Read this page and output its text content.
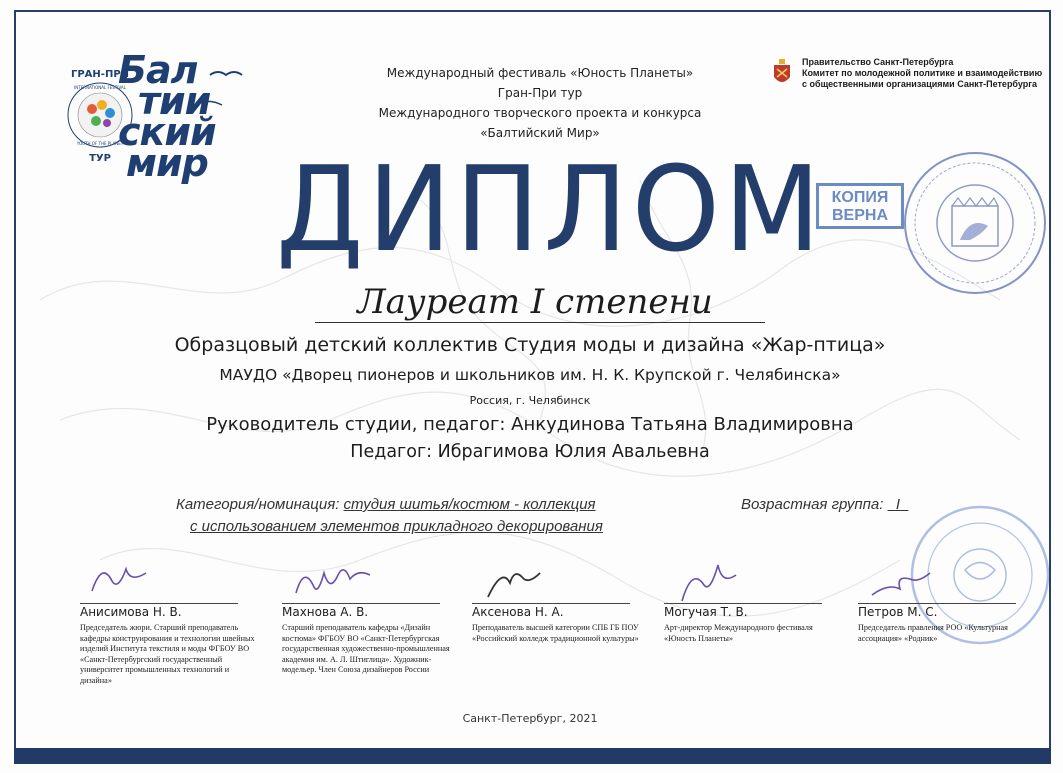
ГРАН-ПРИ
ТУР
INTERNATIONAL FESTIVAL
YOUTH OF THE PLANET
Бал
тии
ский
мир
Международный фестиваль «Юность Планеты»
Гран-При тур
Международного творческого проекта и конкурса
«Балтийский Мир»
Правительство Санкт-Петербурга
Комитет по молодежной политике и взаимодействию
с общественными организациями Санкт-Петербурга
КОПИЯ
ВЕРНА
ДИПЛОМ
Лауреат I степени
Образцовый детский коллектив Студия моды и дизайна «Жар-птица»
МАУДО «Дворец пионеров и школьников им. Н. К. Крупской г. Челябинска»
Россия, г. Челябинск
Руководитель студии, педагог: Анкудинова Татьяна Владимировна
Педагог: Ибрагимова Юлия Авальевна
Категория/номинация: студия шитья/костюм - коллекция
с использованием элементов прикладного декорирования
Возрастная группа: I
Анисимова Н. В.
Председатель жюри. Старший преподаватель кафедры конструирования и технологии швейных изделий Института текстиля и моды ФГБОУ ВО «Санкт-Петербургский государственный университет промышленных технологий и дизайна»
Махнова А. В.
Старший преподаватель кафедры «Дизайн костюма» ФГБОУ ВО «Санкт-Петербургская государственная художественно-промышленная академия им. А. Л. Штиглица». Художник-модельер. Член Союза дизайнеров России
Аксенова Н. А.
Преподаватель высшей категории СПБ ГБ ПОУ «Российский колледж традиционной культуры»
Могучая Т. В.
Арт-директор Международного фестиваля «Юность Планеты»
Петров М. С.
Председатель правления РОО «Культурная ассоциация» «Родник»
Санкт-Петербург, 2021
